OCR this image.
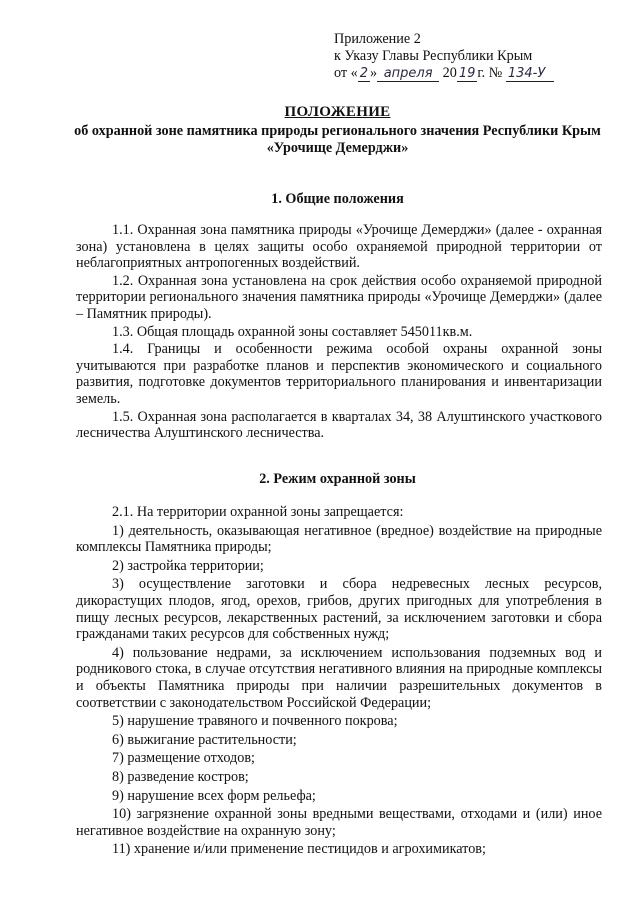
Приложение 2
к Указу Главы Республики Крым
от « 2 » апреля 20 19 г. № 134-У
ПОЛОЖЕНИЕ
об охранной зоне памятника природы регионального значения Республики Крым «Урочище Демерджи»
1. Общие положения

1.1. Охранная зона памятника природы «Урочище Демерджи» (далее - охранная зона) установлена в целях защиты особо охраняемой природной территории от неблагоприятных антропогенных воздействий.

1.2. Охранная зона установлена на срок действия особо охраняемой природной территории регионального значения памятника природы «Урочище Демерджи» (далее – Памятник природы).

1.3. Общая площадь охранной зоны составляет 545011кв.м.

1.4. Границы и особенности режима особой охраны охранной зоны учитываются при разработке планов и перспектив экономического и социального развития, подготовке документов территориального планирования и инвентаризации земель.

1.5. Охранная зона располагается в кварталах 34, 38 Алуштинского участкового лесничества Алуштинского лесничества.

2. Режим охранной зоны

2.1. На территории охранной зоны запрещается:

1) деятельность, оказывающая негативное (вредное) воздействие на природные комплексы Памятника природы;

2) застройка территории;

3) осуществление заготовки и сбора недревесных лесных ресурсов, дикорастущих плодов, ягод, орехов, грибов, других пригодных для употребления в пищу лесных ресурсов, лекарственных растений, за исключением заготовки и сбора гражданами таких ресурсов для собственных нужд;

4) пользование недрами, за исключением использования подземных вод и родникового стока, в случае отсутствия негативного влияния на природные комплексы и объекты Памятника природы при наличии разрешительных документов в соответствии с законодательством Российской Федерации;

5) нарушение травяного и почвенного покрова;

6) выжигание растительности;

7) размещение отходов;

8) разведение костров;

9) нарушение всех форм рельефа;

10) загрязнение охранной зоны вредными веществами, отходами и (или) иное негативное воздействие на охранную зону;

11) хранение и/или применение пестицидов и агрохимикатов;
